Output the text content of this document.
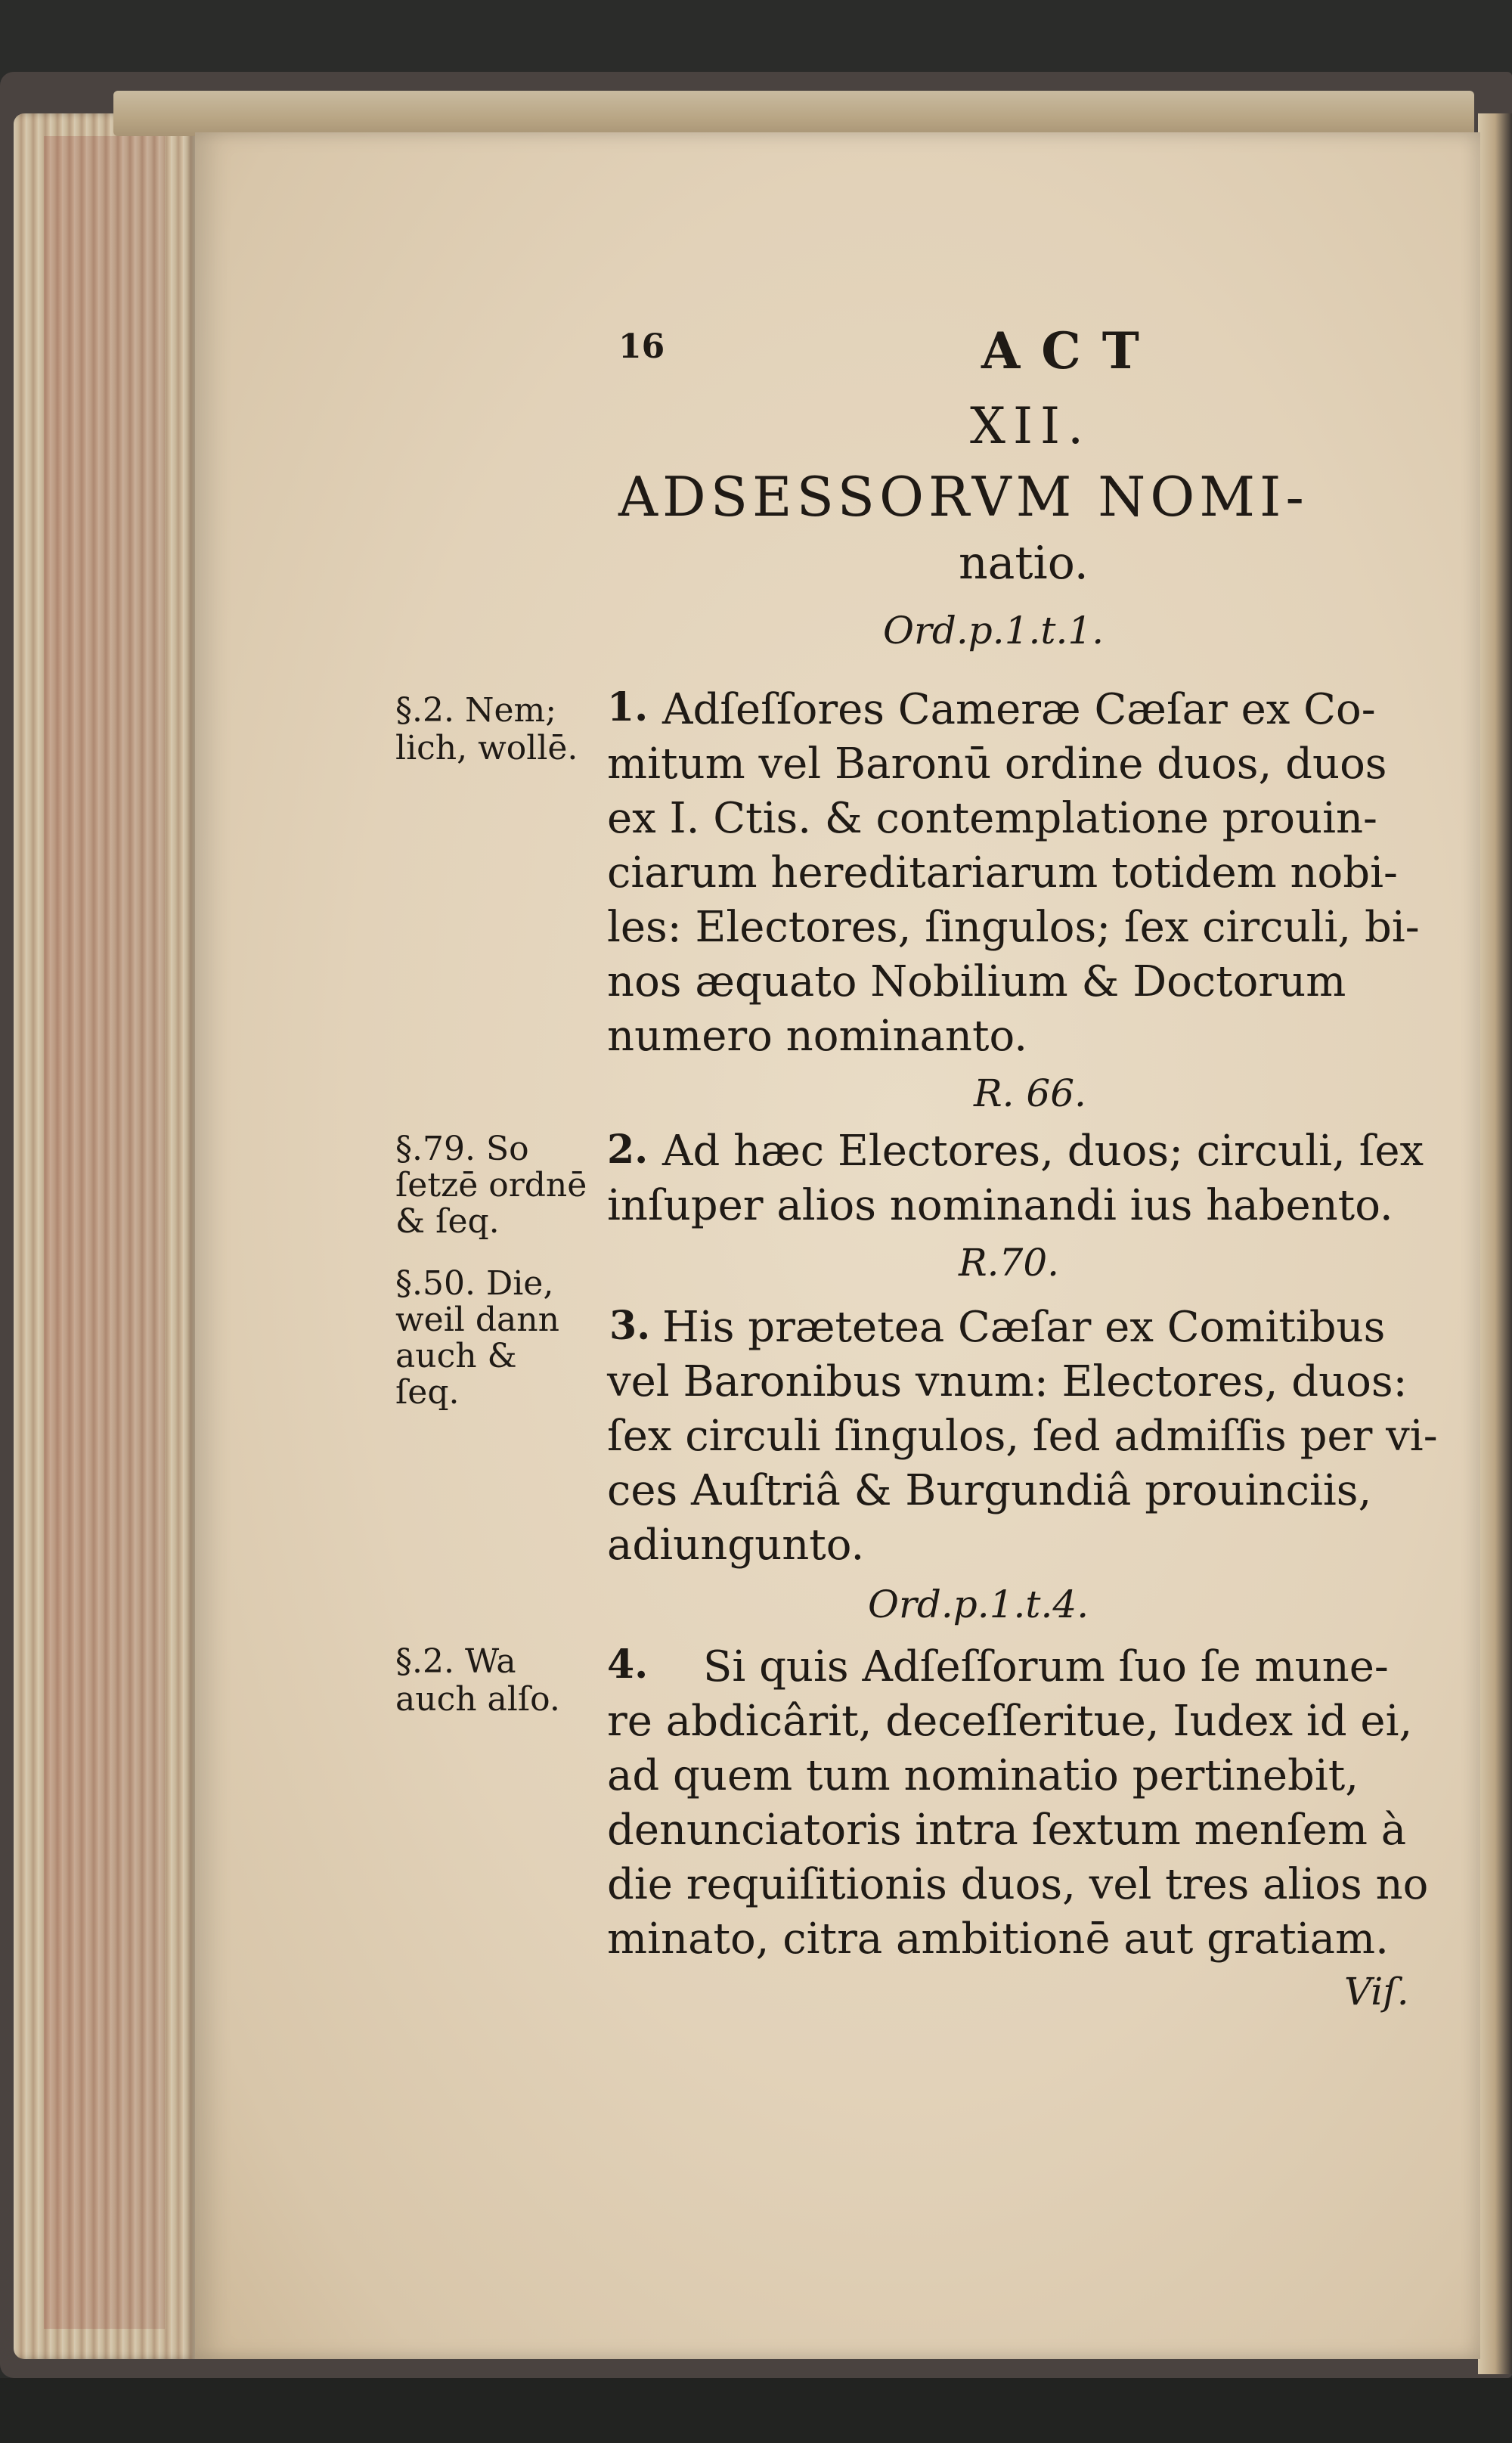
16	ACT
XII.
ADSESSORVM NOMI-
natio.
Ord.p.1.t.1.
§.2. Nem;
lich, wollē.
1. Adſeſſores Cameræ Cæſar ex Co-
mitum vel Baronū ordine duos, duos
ex I. Ctis. & contemplatione prouin-
ciarum hereditariarum totidem nobi-
les: Electores, ſingulos; ſex circuli, bi-
nos æquato Nobilium & Doctorum
numero nominanto.
R. 66.
§.79. So
ſetzē ordnē
& ſeq.
2. Ad hæc Electores, duos; circuli, ſex
inſuper alios nominandi ius habento.
R.70.
§.50. Die,
weil dann
auch &
ſeq.
3. His prætetea Cæſar ex Comitibus
vel Baronibus vnum: Electores, duos:
ſex circuli ſingulos, ſed admiſſis per vi-
ces Auſtriâ & Burgundiâ prouinciis,
adiungunto.
Ord.p.1.t.4.
§.2. Wa
auch alſo.
4. Si quis Adſeſſorum ſuo ſe mune-
re abdicârit, deceſſeritue, Iudex id ei,
ad quem tum nominatio pertinebit,
denunciatoris intra ſextum menſem à
die requiſitionis duos, vel tres alios no
minato, citra ambitionē aut gratiam.
Viſ.
